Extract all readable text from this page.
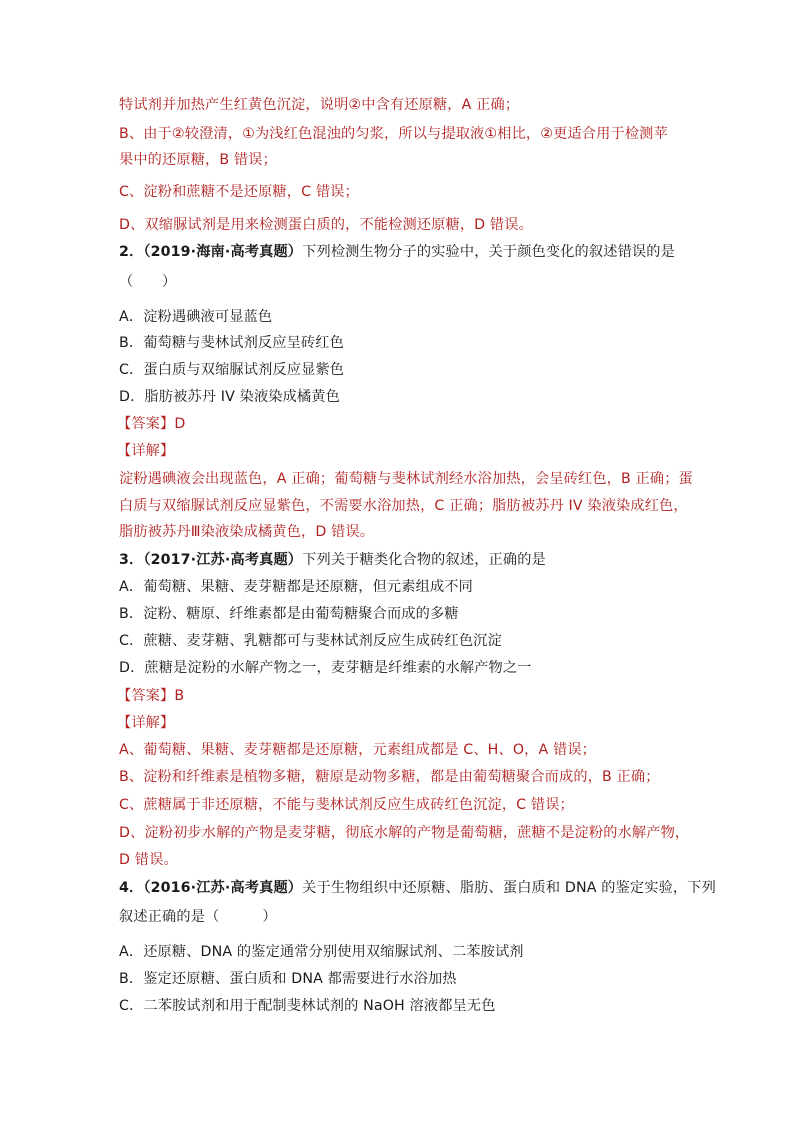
特试剂并加热产生红黄色沉淀，说明②中含有还原糖，A 正确；
B、由于②较澄清，①为浅红色混浊的匀浆，所以与提取液①相比，②更适合用于检测苹
果中的还原糖，B 错误；
C、淀粉和蔗糖不是还原糖，C 错误；
D、双缩脲试剂是用来检测蛋白质的，不能检测还原糖，D 错误。
2．（2019·海南·高考真题）下列检测生物分子的实验中，关于颜色变化的叙述错误的是
（　　）
A．淀粉遇碘液可显蓝色
B．葡萄糖与斐林试剂反应呈砖红色
C．蛋白质与双缩脲试剂反应显紫色
D．脂肪被苏丹 IV 染液染成橘黄色
【答案】D
【详解】
淀粉遇碘液会出现蓝色，A 正确；葡萄糖与斐林试剂经水浴加热，会呈砖红色，B 正确；蛋
白质与双缩脲试剂反应显紫色，不需要水浴加热，C 正确；脂肪被苏丹 IV 染液染成红色，
脂肪被苏丹Ⅲ染液染成橘黄色，D 错误。
3．（2017·江苏·高考真题）下列关于糖类化合物的叙述，正确的是
A．葡萄糖、果糖、麦芽糖都是还原糖，但元素组成不同
B．淀粉、糖原、纤维素都是由葡萄糖聚合而成的多糖
C．蔗糖、麦芽糖、乳糖都可与斐林试剂反应生成砖红色沉淀
D．蔗糖是淀粉的水解产物之一，麦芽糖是纤维素的水解产物之一
【答案】B
【详解】
A、葡萄糖、果糖、麦芽糖都是还原糖，元素组成都是 C、H、O，A 错误；
B、淀粉和纤维素是植物多糖，糖原是动物多糖，都是由葡萄糖聚合而成的，B 正确；
C、蔗糖属于非还原糖，不能与斐林试剂反应生成砖红色沉淀，C 错误；
D、淀粉初步水解的产物是麦芽糖，彻底水解的产物是葡萄糖，蔗糖不是淀粉的水解产物，
D 错误。
4．（2016·江苏·高考真题）关于生物组织中还原糖、脂肪、蛋白质和 DNA 的鉴定实验，下列
叙述正确的是（　　　）
A．还原糖、DNA 的鉴定通常分别使用双缩脲试剂、二苯胺试剂
B．鉴定还原糖、蛋白质和 DNA 都需要进行水浴加热
C．二苯胺试剂和用于配制斐林试剂的 NaOH 溶液都呈无色
